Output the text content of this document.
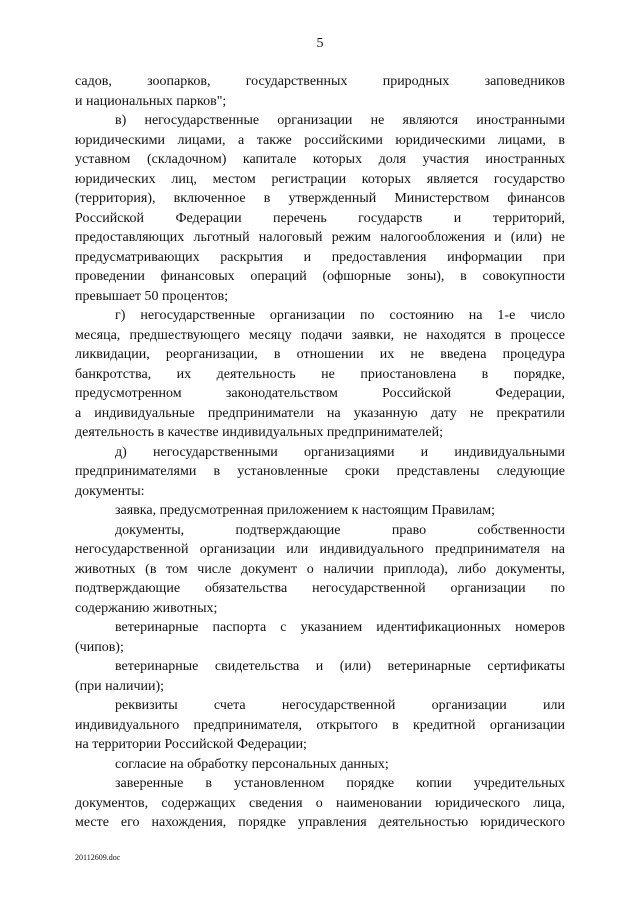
5
садов, зоопарков, государственных природных заповедников
и национальных парков";
в) негосударственные организации не являются иностранными
юридическими лицами, а также российскими юридическими лицами, в
уставном (складочном) капитале которых доля участия иностранных
юридических лиц, местом регистрации которых является государство
(территория), включенное в утвержденный Министерством финансов
Российской Федерации перечень государств и территорий,
предоставляющих льготный налоговый режим налогообложения и (или) не
предусматривающих раскрытия и предоставления информации при
проведении финансовых операций (офшорные зоны), в совокупности
превышает 50 процентов;
г) негосударственные организации по состоянию на 1-е число
месяца, предшествующего месяцу подачи заявки, не находятся в процессе
ликвидации, реорганизации, в отношении их не введена процедура
банкротства, их деятельность не приостановлена в порядке,
предусмотренном законодательством Российской Федерации,
а индивидуальные предприниматели на указанную дату не прекратили
деятельность в качестве индивидуальных предпринимателей;
д) негосударственными организациями и индивидуальными
предпринимателями в установленные сроки представлены следующие
документы:
заявка, предусмотренная приложением к настоящим Правилам;
документы, подтверждающие право собственности
негосударственной организации или индивидуального предпринимателя на
животных (в том числе документ о наличии приплода), либо документы,
подтверждающие обязательства негосударственной организации по
содержанию животных;
ветеринарные паспорта с указанием идентификационных номеров
(чипов);
ветеринарные свидетельства и (или) ветеринарные сертификаты
(при наличии);
реквизиты счета негосударственной организации или
индивидуального предпринимателя, открытого в кредитной организации
на территории Российской Федерации;
согласие на обработку персональных данных;
заверенные в установленном порядке копии учредительных
документов, содержащих сведения о наименовании юридического лица,
месте его нахождения, порядке управления деятельностью юридического
20112609.doc
